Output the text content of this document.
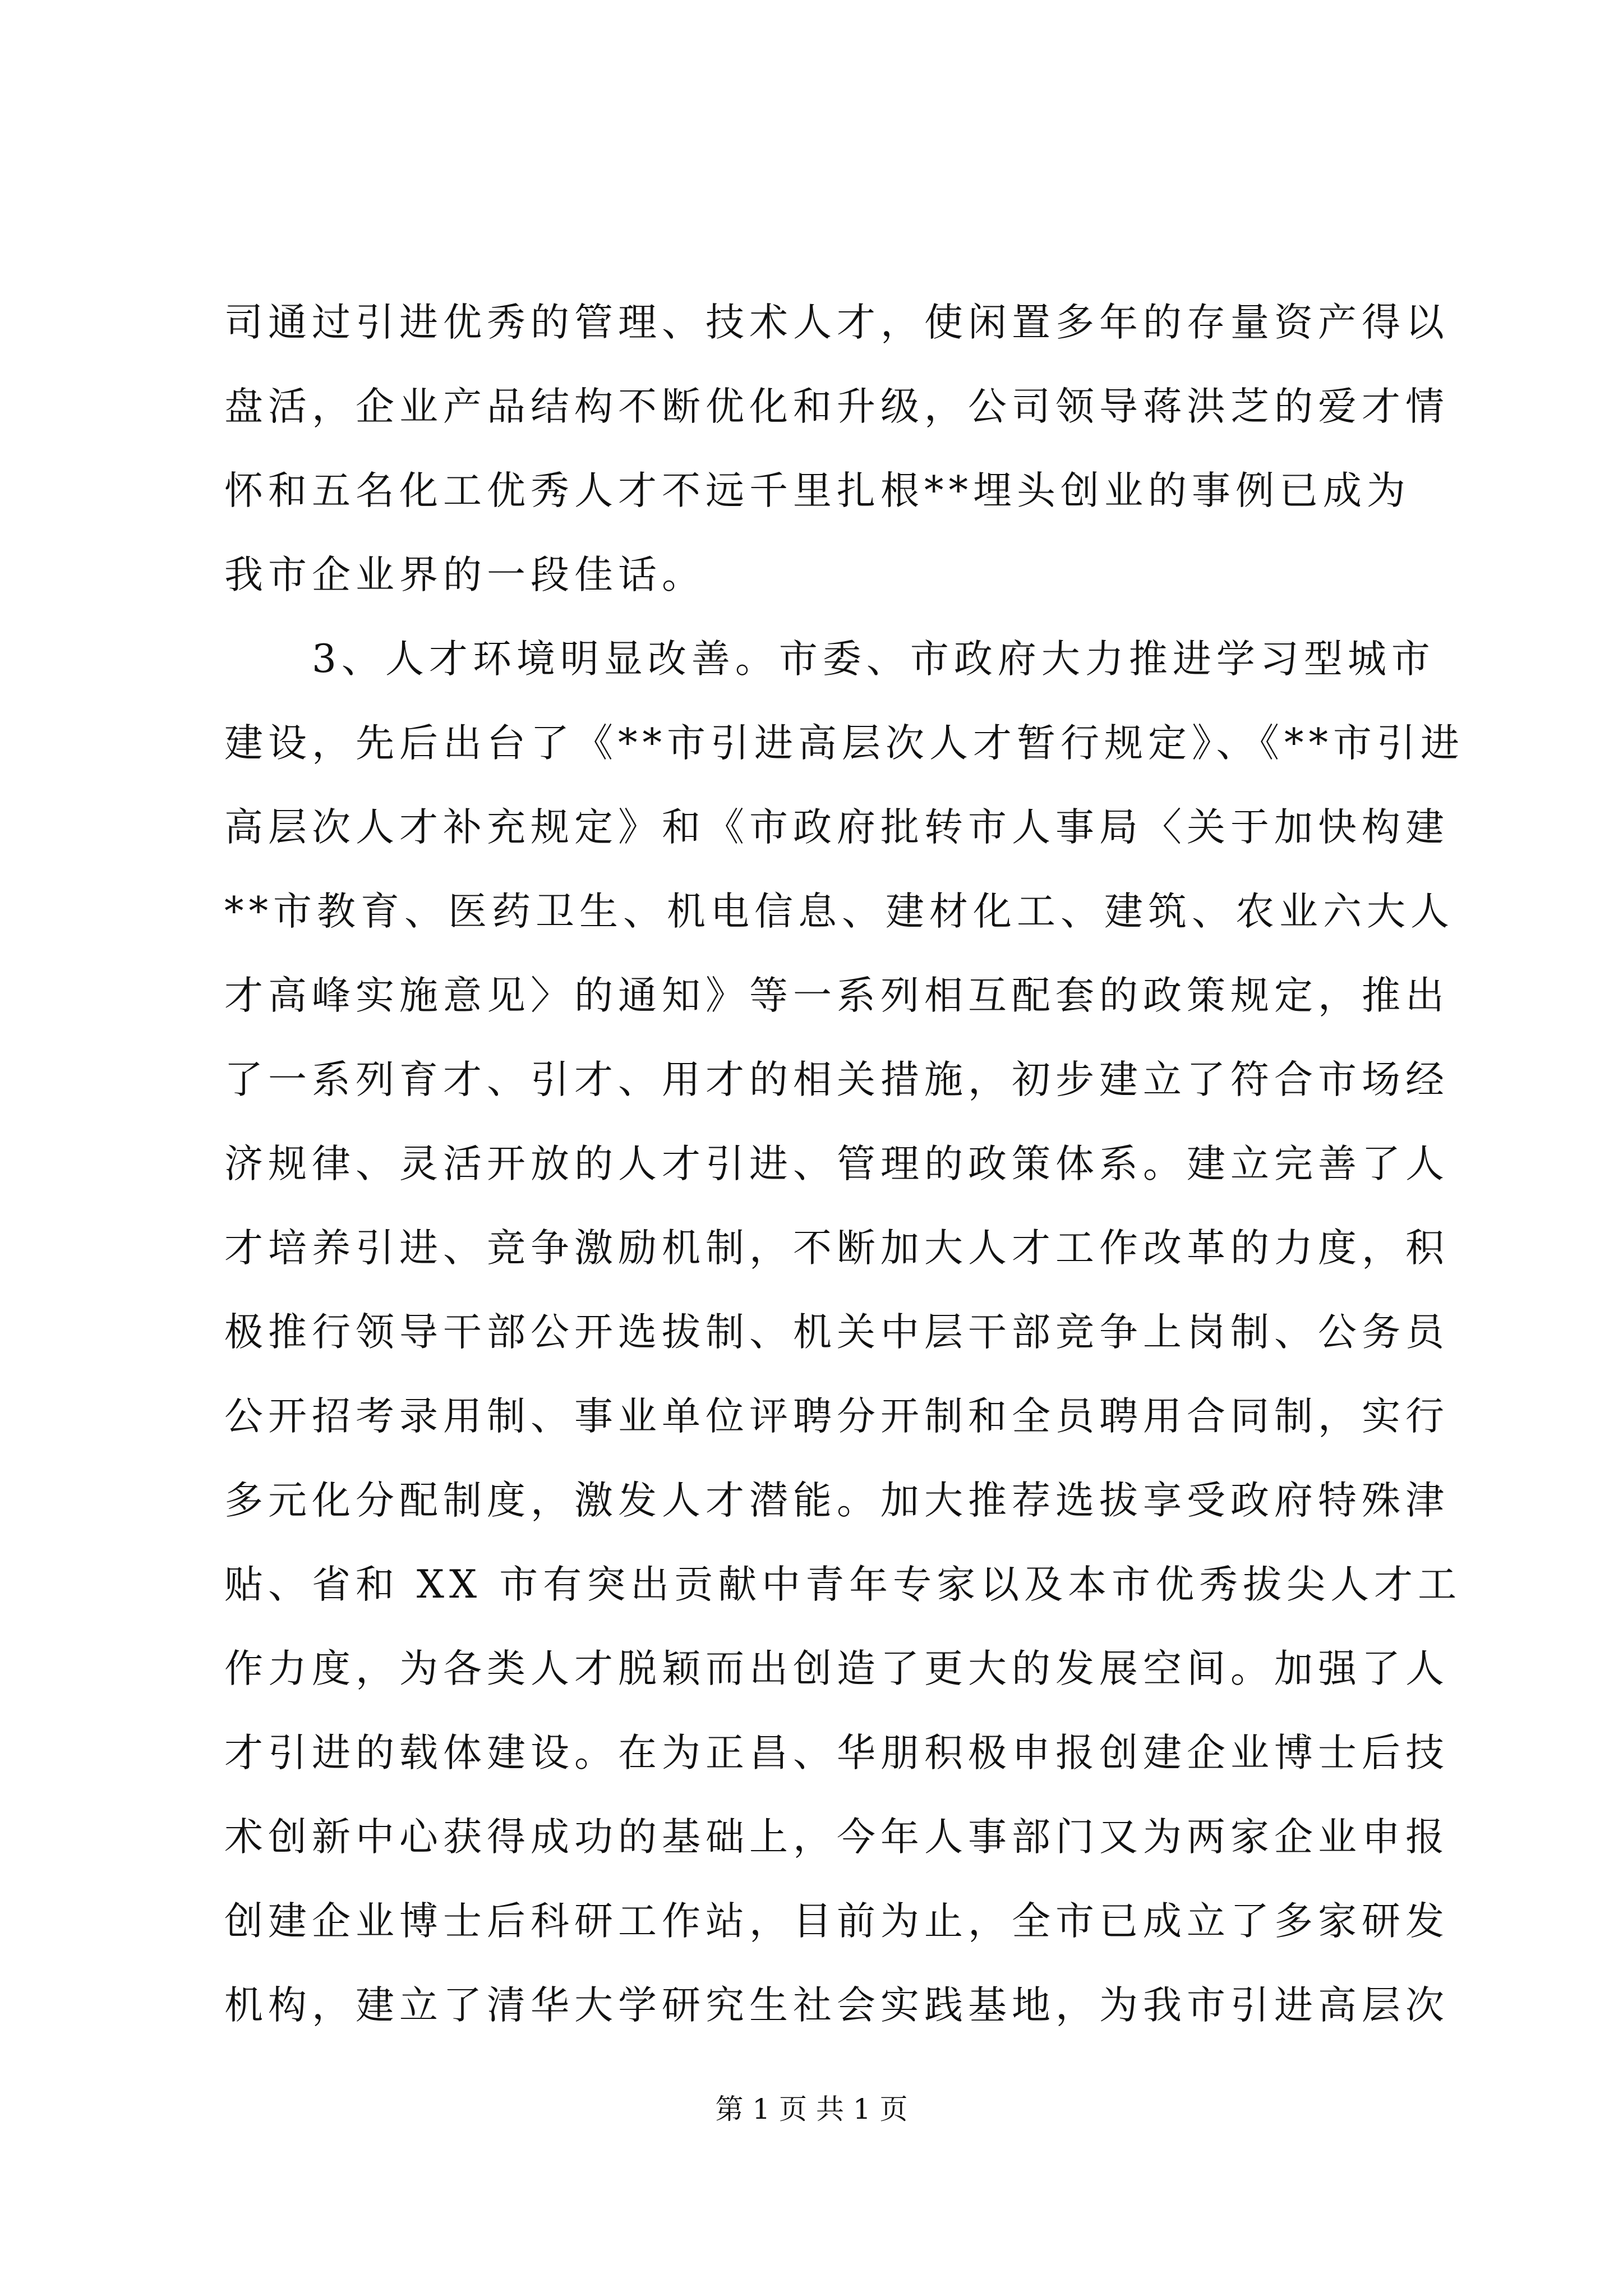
司通过引进优秀的管理、技术人才，使闲置多年的存量资产得以
盘活，企业产品结构不断优化和升级，公司领导蒋洪芝的爱才情
怀和五名化工优秀人才不远千里扎根**埋头创业的事例已成为
我市企业界的一段佳话。
　　3、人才环境明显改善。市委、市政府大力推进学习型城市
建设，先后出台了《**市引进高层次人才暂行规定》、《**市引进
高层次人才补充规定》和《市政府批转市人事局〈关于加快构建
**市教育、医药卫生、机电信息、建材化工、建筑、农业六大人
才高峰实施意见〉的通知》等一系列相互配套的政策规定，推出
了一系列育才、引才、用才的相关措施，初步建立了符合市场经
济规律、灵活开放的人才引进、管理的政策体系。建立完善了人
才培养引进、竞争激励机制，不断加大人才工作改革的力度，积
极推行领导干部公开选拔制、机关中层干部竞争上岗制、公务员
公开招考录用制、事业单位评聘分开制和全员聘用合同制，实行
多元化分配制度，激发人才潜能。加大推荐选拔享受政府特殊津
贴、省和 XX 市有突出贡献中青年专家以及本市优秀拔尖人才工
作力度，为各类人才脱颖而出创造了更大的发展空间。加强了人
才引进的载体建设。在为正昌、华朋积极申报创建企业博士后技
术创新中心获得成功的基础上，今年人事部门又为两家企业申报
创建企业博士后科研工作站，目前为止，全市已成立了多家研发
机构，建立了清华大学研究生社会实践基地，为我市引进高层次
第 1 页 共 1 页
